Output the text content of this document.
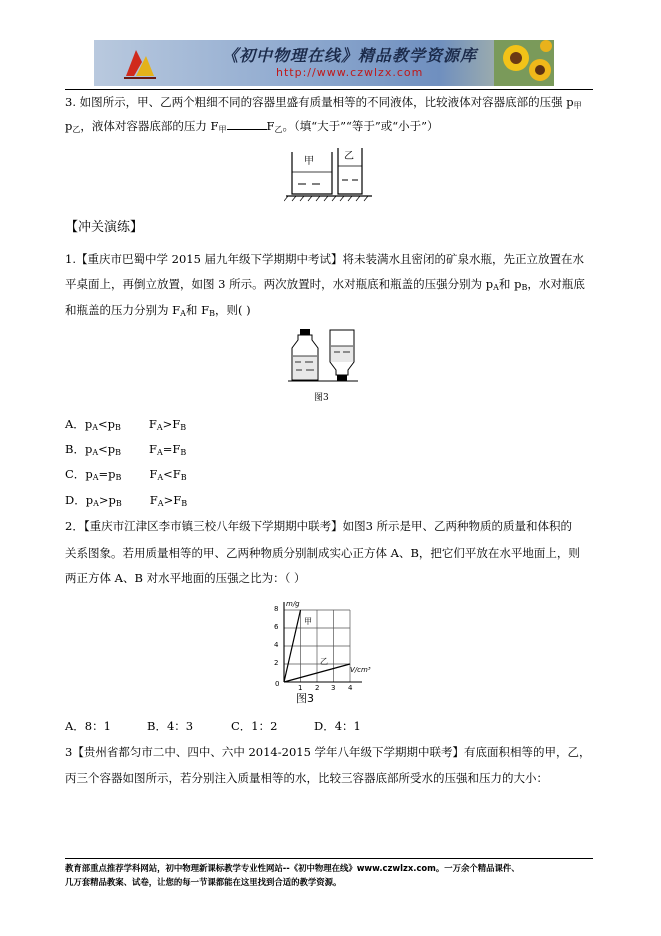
《初中物理在线》精品教学资源库
http://www.czwlzx.com
3. 如图所示，甲、乙两个粗细不同的容器里盛有质量相等的不同液体，比较液体对容器底部的压强 $p_甲$
$p_乙$，液体对容器底部的压力 $F_甲$	$F_乙$。（填“大于”“等于”或“小于”）
甲	乙
【冲关演练】
1.【重庆市巴蜀中学 2015 届九年级下学期期中考试】将未装满水且密闭的矿泉水瓶，先正立放置在水
平桌面上，再倒立放置，如图 3 所示。两次放置时，水对瓶底和瓶盖的压强分别为 $p_A$和 $p_B$，水对瓶底
和瓶盖的压力分别为 $F_A$和 $F_B$，则( )
图3
A．$p_A<p_B$ $F_A>F_B$
B．$p_A<p_B$ $F_A=F_B$
C．$p_A=p_B$ $F_A<F_B$
D．$p_A>p_B$ $F_A>F_B$
2．【重庆市江津区李市镇三校八年级下学期期中联考】如图3 所示是甲、乙两种物质的质量和体积的
关系图象。若用质量相等的甲、乙两种物质分别制成实心正方体 A、B，把它们平放在水平地面上，则
两正方体 A、B 对水平地面的压强之比为：（ ）
m/g
V/cm³
8
6
4
2
0	1 2 3 4
甲
乙
图3
A．8：1	B．4：3	C．1：2	D．4：1
3【贵州省都匀市二中、四中、六中 2014-2015 学年八年级下学期期中联考】有底面积相等的甲，乙，
丙三个容器如图所示，若分别注入质量相等的水，比较三容器底部所受水的压强和压力的大小：
教育部重点推荐学科网站，初中物理新课标教学专业性网站--《初中物理在线》www.czwlzx.com。一万余个精品课件、
几万套精品教案、试卷，让您的每一节课都能在这里找到合适的教学资源。
